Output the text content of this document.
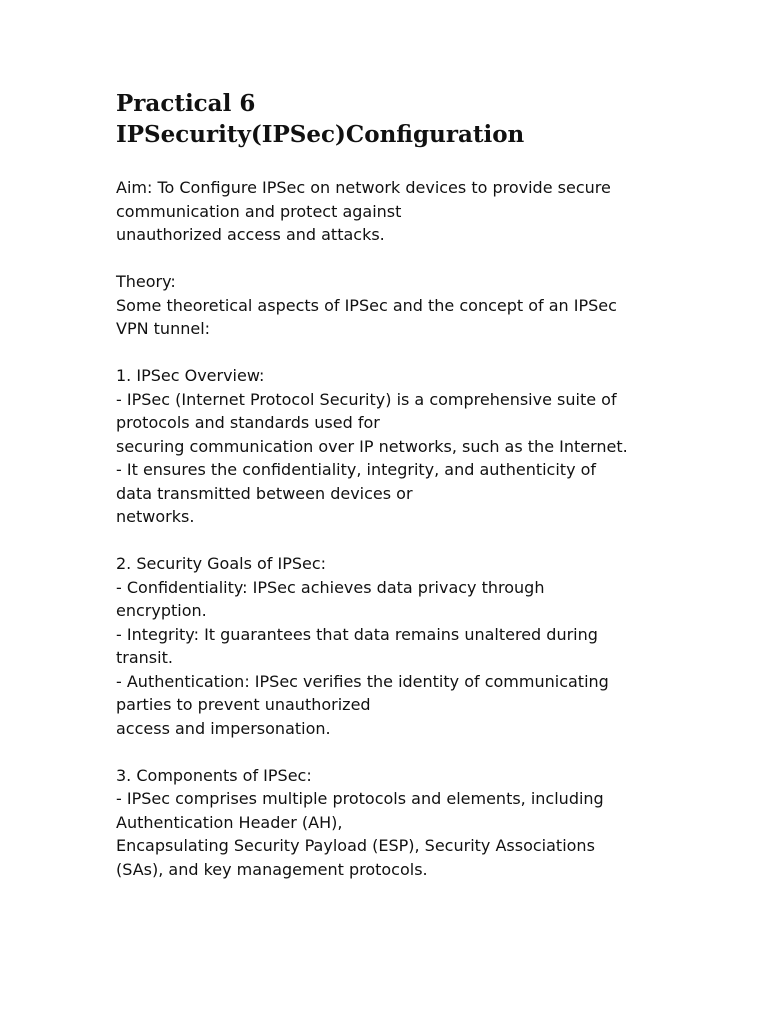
Practical 6
IPSecurity(IPSec)Configuration

Aim: To Configure IPSec on network devices to provide secure
communication and protect against
unauthorized access and attacks.

Theory:
Some theoretical aspects of IPSec and the concept of an IPSec
VPN tunnel:

1. IPSec Overview:
- IPSec (Internet Protocol Security) is a comprehensive suite of
protocols and standards used for
securing communication over IP networks, such as the Internet.
- It ensures the confidentiality, integrity, and authenticity of
data transmitted between devices or
networks.

2. Security Goals of IPSec:
- Confidentiality: IPSec achieves data privacy through
encryption.
- Integrity: It guarantees that data remains unaltered during
transit.
- Authentication: IPSec verifies the identity of communicating
parties to prevent unauthorized
access and impersonation.

3. Components of IPSec:
- IPSec comprises multiple protocols and elements, including
Authentication Header (AH),
Encapsulating Security Payload (ESP), Security Associations
(SAs), and key management protocols.
